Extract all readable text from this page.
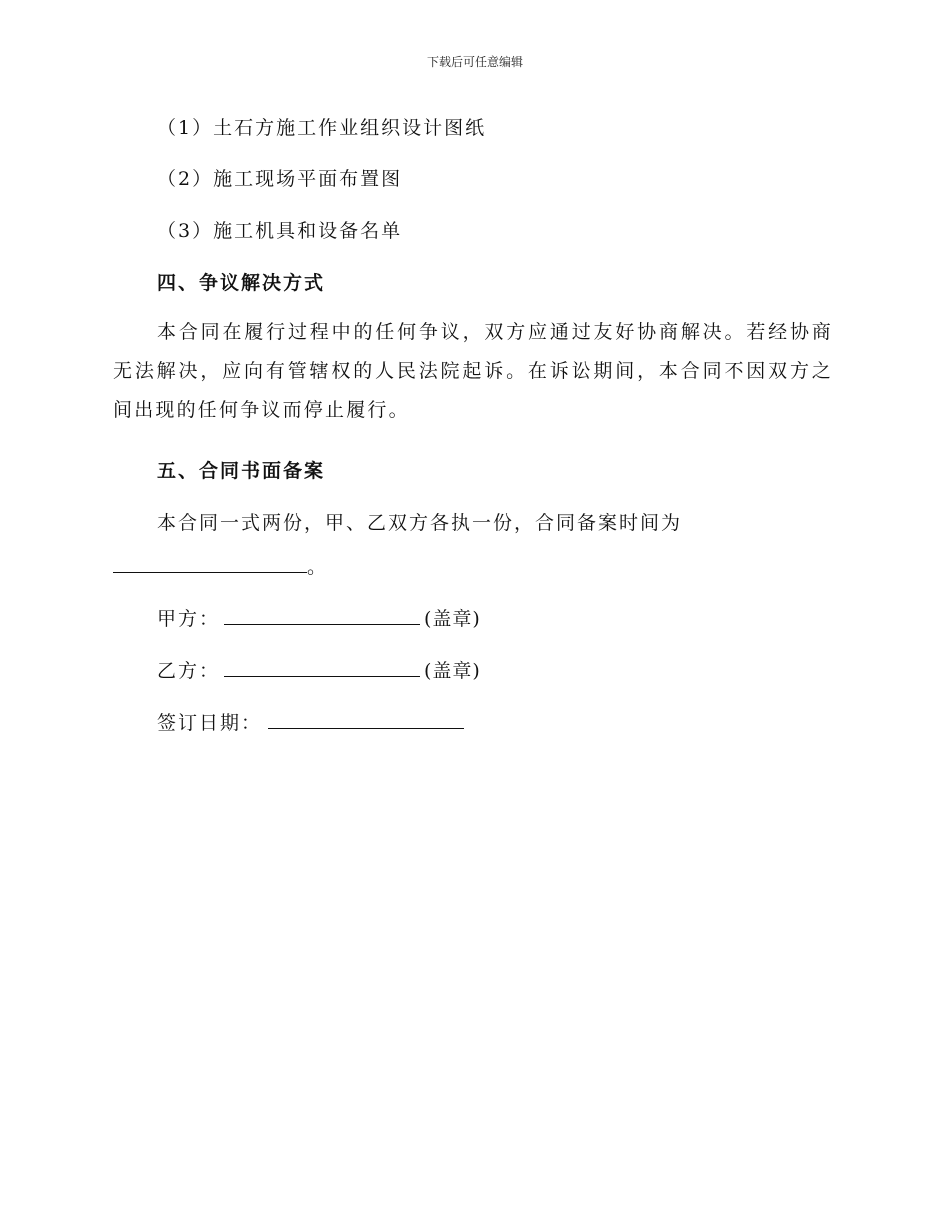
下载后可任意编辑
（1）土石方施工作业组织设计图纸
（2）施工现场平面布置图
（3）施工机具和设备名单
四、争议解决方式
本合同在履行过程中的任何争议，双方应通过友好协商解决。若经协商无法解决，应向有管辖权的人民法院起诉。在诉讼期间，本合同不因双方之间出现的任何争议而停止履行。
五、合同书面备案
本合同一式两份，甲、乙双方各执一份，合同备案时间为
。
甲方：	(盖章)
乙方：	(盖章)
签订日期：
